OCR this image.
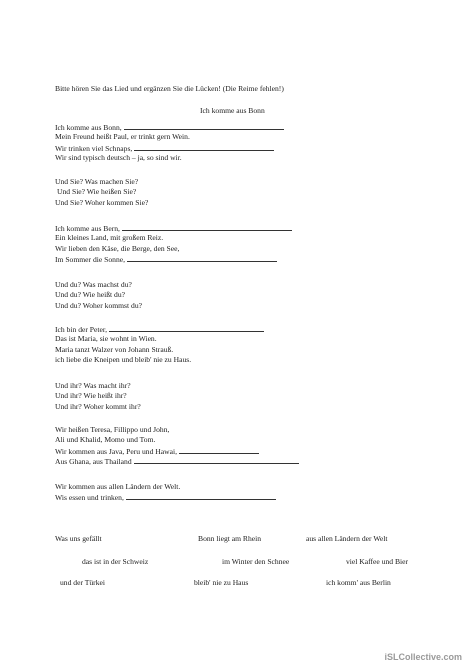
Bitte hören Sie das Lied und ergänzen Sie die Lücken! (Die Reime fehlen!)
Ich komme aus Bonn
Ich komme aus Bonn,
Mein Freund heißt Paul, er trinkt gern Wein.
Wir trinken viel Schnaps,
Wir sind typisch deutsch – ja, so sind wir.
Und Sie? Was machen Sie?
Und Sie? Wie heißen Sie?
Und Sie? Woher kommen Sie?
Ich komme aus Bern,
Ein kleines Land, mit großem Reiz.
Wir lieben den Käse, die Berge, den See,
Im Sommer die Sonne,
Und du? Was machst du?
Und du? Wie heißt du?
Und du? Woher kommst du?
Ich bin der Peter,
Das ist Maria, sie wohnt in Wien.
Maria tanzt Walzer von Johann Strauß.
ich liebe die Kneipen und bleib' nie zu Haus.
Und ihr? Was macht ihr?
Und ihr? Wie heißt ihr?
Und ihr? Woher kommt ihr?
Wir heißen Teresa, Fillippo und John,
Ali und Khalid, Momo und Tom.
Wir kommen aus Java, Peru und Hawai,
Aus Ghana, aus Thailand
Wir kommen aus allen Ländern der Welt.
Wis essen und trinken,
Was uns gefällt	Bonn liegt am Rhein	aus allen Ländern der Welt
das ist in der Schweiz	im Winter den Schnee	viel Kaffee und Bier
und der Türkei	bleib' nie zu Haus	ich komm' aus Berlin
iSLCollective.com
